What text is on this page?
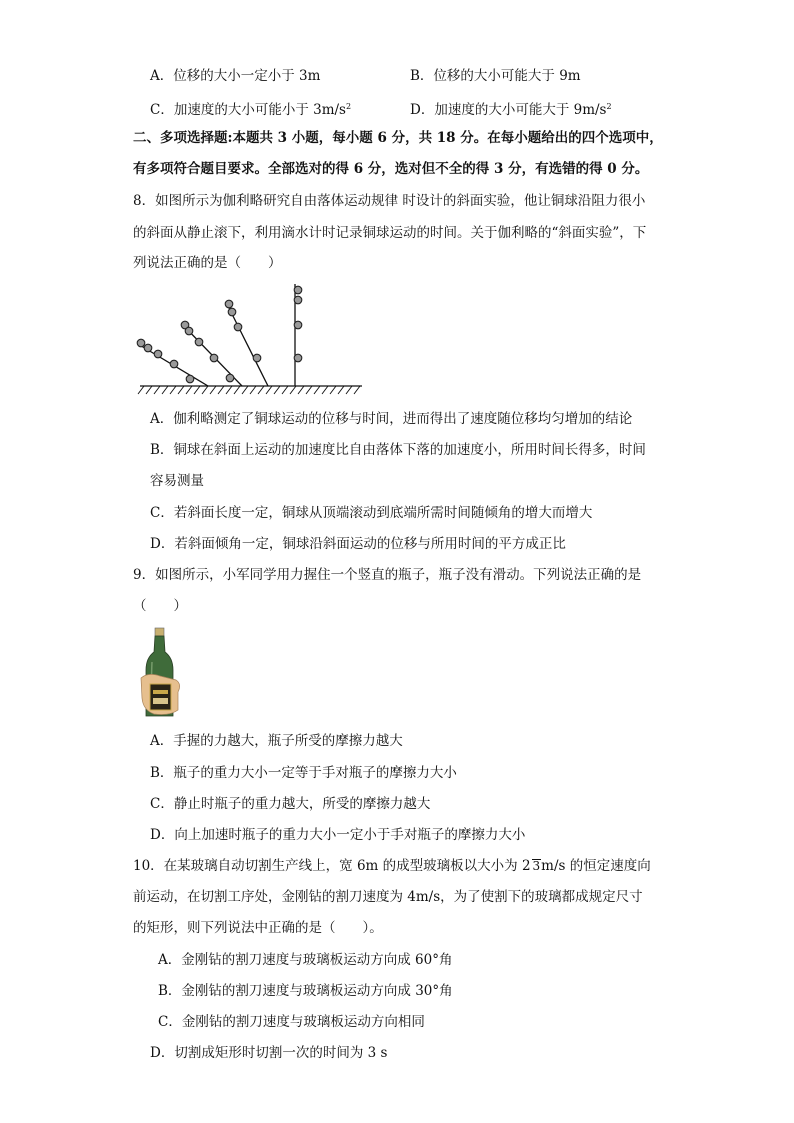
A．位移的大小一定小于 3m	B．位移的大小可能大于 9m
C．加速度的大小可能小于 $3m/s^2$	D．加速度的大小可能大于 $9m/s^2$
二、多项选择题:本题共 3 小题，每小题 6 分，共 18 分。在每小题给出的四个选项中，
有多项符合题目要求。全部选对的得 6 分，选对但不全的得 3 分，有选错的得 0 分。
8．如图所示为伽利略研究自由落体运动规律 时设计的斜面实验，他让铜球沿阻力很小
的斜面从静止滚下，利用滴水计时记录铜球运动的时间。关于伽利略的“斜面实验”，下
列说法正确的是（　　）
A．伽利略测定了铜球运动的位移与时间，进而得出了速度随位移均匀增加的结论
B．铜球在斜面上运动的加速度比自由落体下落的加速度小，所用时间长得多，时间
容易测量
C．若斜面长度一定，铜球从顶端滚动到底端所需时间随倾角的增大而增大
D．若斜面倾角一定，铜球沿斜面运动的位移与所用时间的平方成正比
9．如图所示，小军同学用力握住一个竖直的瓶子，瓶子没有滑动。下列说法正确的是
（　　）
A．手握的力越大，瓶子所受的摩擦力越大
B．瓶子的重力大小一定等于手对瓶子的摩擦力大小
C．静止时瓶子的重力越大，所受的摩擦力越大
D．向上加速时瓶子的重力大小一定小于手对瓶子的摩擦力大小
10．在某玻璃自动切割生产线上，宽 6m 的成型玻璃板以大小为 2 3m/s 的恒定速度向
前运动，在切割工序处，金刚钻的割刀速度为 4m/s，为了使割下的玻璃都成规定尺寸
的矩形，则下列说法中正确的是（　　）。
A．金刚钻的割刀速度与玻璃板运动方向成 60°角
B．金刚钻的割刀速度与玻璃板运动方向成 30°角
C．金刚钻的割刀速度与玻璃板运动方向相同
D．切割成矩形时切割一次的时间为 3 s
